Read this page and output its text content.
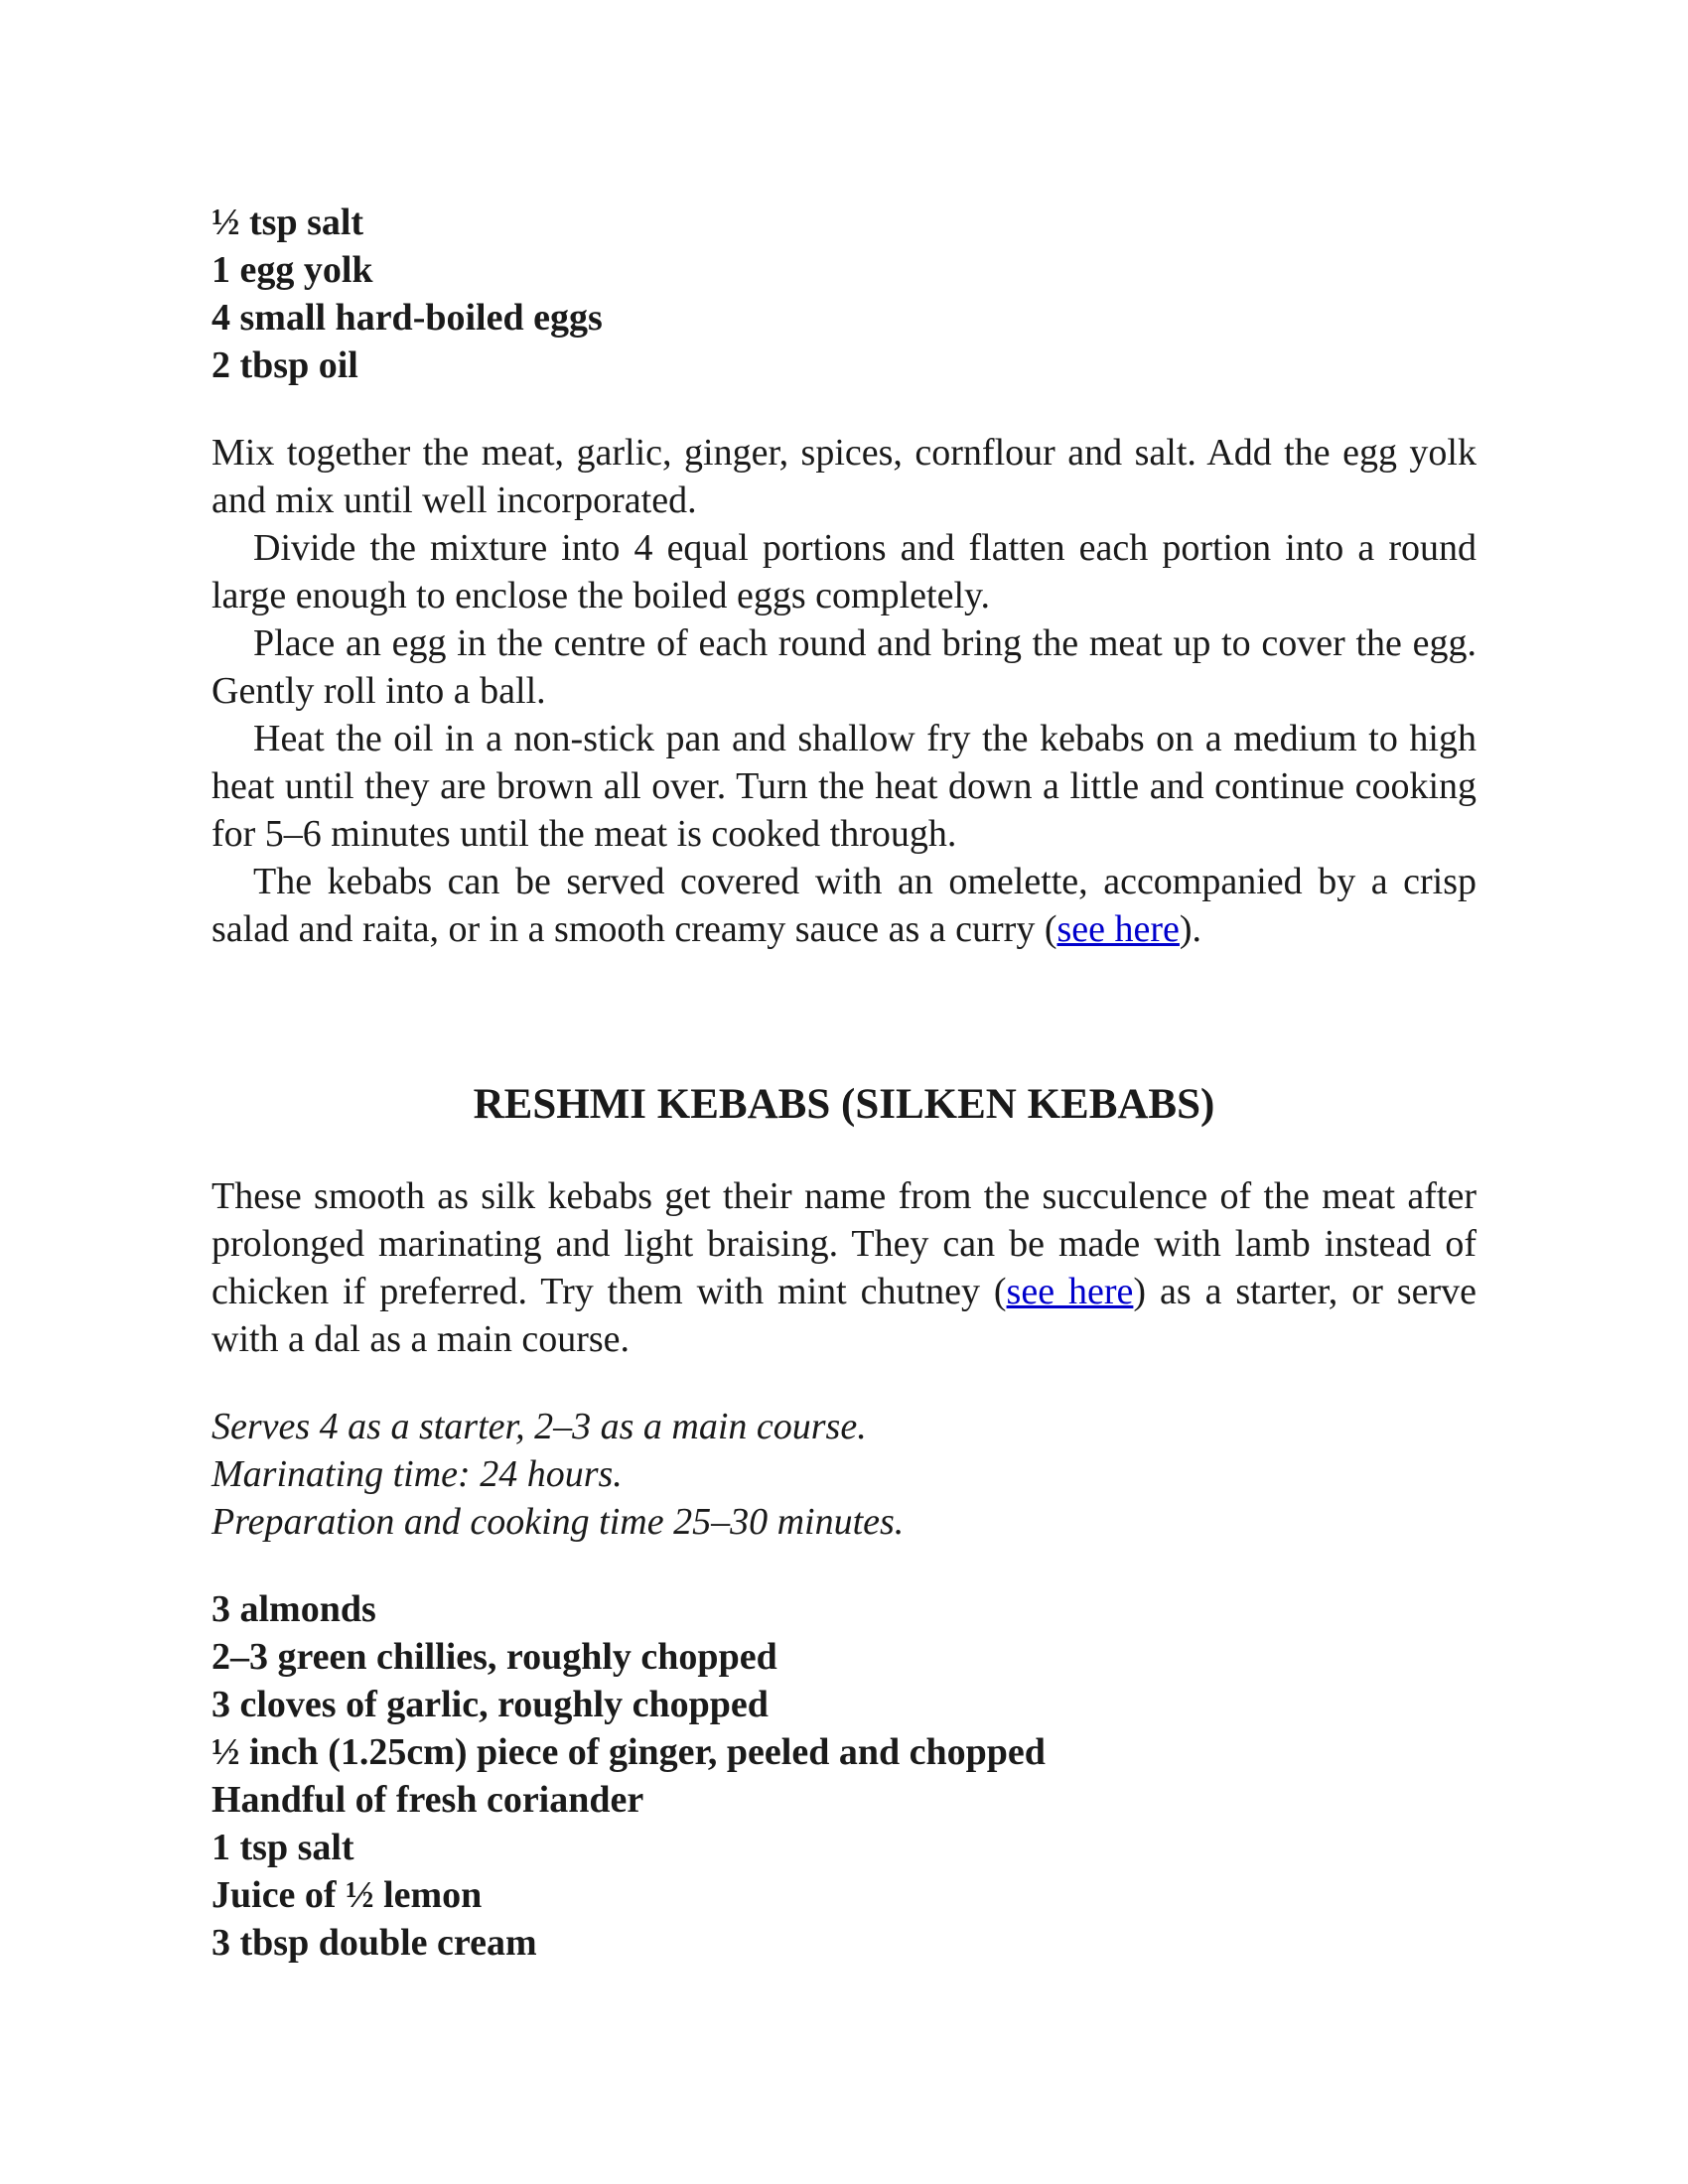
½ tsp salt
1 egg yolk
4 small hard-boiled eggs
2 tbsp oil

Mix together the meat, garlic, ginger, spices, cornflour and salt. Add the egg yolk and mix until well incorporated.

Divide the mixture into 4 equal portions and flatten each portion into a round large enough to enclose the boiled eggs completely.

Place an egg in the centre of each round and bring the meat up to cover the egg. Gently roll into a ball.

Heat the oil in a non-stick pan and shallow fry the kebabs on a medium to high heat until they are brown all over. Turn the heat down a little and continue cooking for 5–6 minutes until the meat is cooked through.

The kebabs can be served covered with an omelette, accompanied by a crisp salad and raita, or in a smooth creamy sauce as a curry (see here).

RESHMI KEBABS (SILKEN KEBABS)

These smooth as silk kebabs get their name from the succulence of the meat after prolonged marinating and light braising. They can be made with lamb instead of chicken if preferred. Try them with mint chutney (see here) as a starter, or serve with a dal as a main course.

Serves 4 as a starter, 2–3 as a main course.
Marinating time: 24 hours.
Preparation and cooking time 25–30 minutes.
3 almonds
2–3 green chillies, roughly chopped
3 cloves of garlic, roughly chopped
½ inch (1.25cm) piece of ginger, peeled and chopped
Handful of fresh coriander
1 tsp salt
Juice of ½ lemon
3 tbsp double cream
